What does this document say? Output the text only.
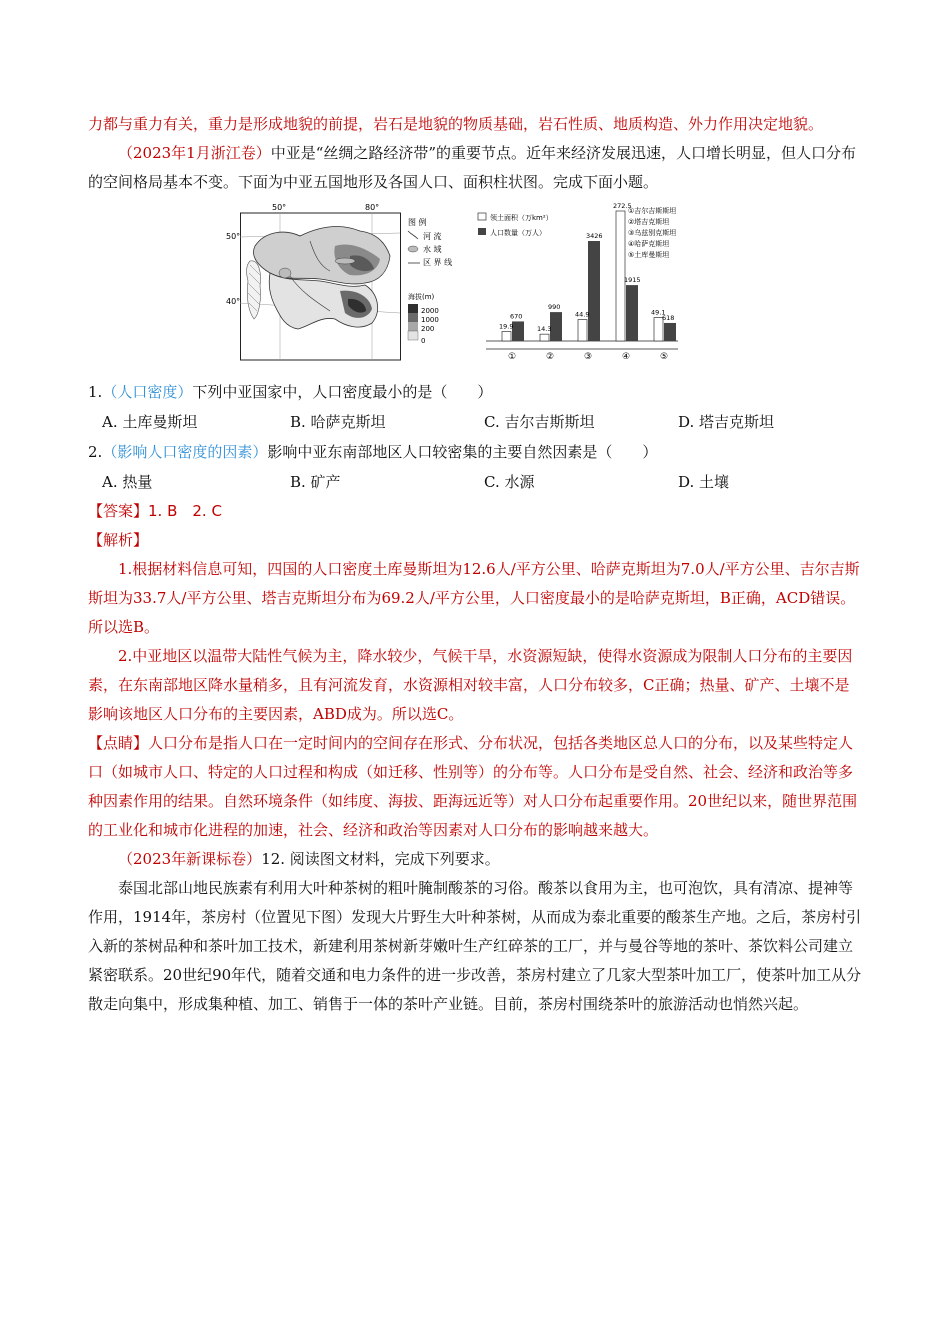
力都与重力有关，重力是形成地貌的前提，岩石是地貌的物质基础，岩石性质、地质构造、外力作用决定地貌。

（2023年1月浙江卷）中亚是“丝绸之路经济带”的重要节点。近年来经济发展迅速，人口增长明显，但人口分布的空间格局基本不变。下面为中亚五国地形及各国人口、面积柱状图。完成下面小题。

50°	80°
50°
40°
图 例
河 流
水 域
区 界 线
海拔(m)
2000
1000
200
0
领土面积（万km²）
人口数量（万人）
①吉尔吉斯斯坦
②塔吉克斯坦
③乌兹别克斯坦
④哈萨克斯坦
⑤土库曼斯坦
19.9
670
①
14.3
990
②
44.9
3426
③
272.5
1915
④
49.1
618
⑤
1.（人口密度）下列中亚国家中，人口密度最小的是（　　）
A. 土库曼斯坦	B. 哈萨克斯坦	C. 吉尔吉斯斯坦	D. 塔吉克斯坦
2.（影响人口密度的因素）影响中亚东南部地区人口较密集的主要自然因素是（　　）
A. 热量	B. 矿产	C. 水源	D. 土壤
【答案】1. B　2. C
【解析】

1.根据材料信息可知，四国的人口密度土库曼斯坦为12.6人/平方公里、哈萨克斯坦为7.0人/平方公里、吉尔吉斯斯坦为33.7人/平方公里、塔吉克斯坦分布为69.2人/平方公里，人口密度最小的是哈萨克斯坦，B正确，ACD错误。所以选B。

2.中亚地区以温带大陆性气候为主，降水较少，气候干旱，水资源短缺，使得水资源成为限制人口分布的主要因素，在东南部地区降水量稍多，且有河流发育，水资源相对较丰富，人口分布较多，C正确；热量、矿产、土壤不是影响该地区人口分布的主要因素，ABD成为。所以选C。

【点睛】人口分布是指人口在一定时间内的空间存在形式、分布状况，包括各类地区总人口的分布，以及某些特定人口（如城市人口、特定的人口过程和构成（如迁移、性别等）的分布等。人口分布是受自然、社会、经济和政治等多种因素作用的结果。自然环境条件（如纬度、海拔、距海远近等）对人口分布起重要作用。20世纪以来，随世界范围的工业化和城市化进程的加速，社会、经济和政治等因素对人口分布的影响越来越大。

（2023年新课标卷）12. 阅读图文材料，完成下列要求。

泰国北部山地民族素有利用大叶种茶树的粗叶腌制酸茶的习俗。酸茶以食用为主，也可泡饮，具有清凉、提神等作用，1914年，茶房村（位置见下图）发现大片野生大叶种茶树，从而成为泰北重要的酸茶生产地。之后，茶房村引入新的茶树品种和茶叶加工技术，新建利用茶树新芽嫩叶生产红碎茶的工厂，并与曼谷等地的茶叶、茶饮料公司建立紧密联系。20世纪90年代，随着交通和电力条件的进一步改善，茶房村建立了几家大型茶叶加工厂，使茶叶加工从分散走向集中，形成集种植、加工、销售于一体的茶叶产业链。目前，茶房村围绕茶叶的旅游活动也悄然兴起。
